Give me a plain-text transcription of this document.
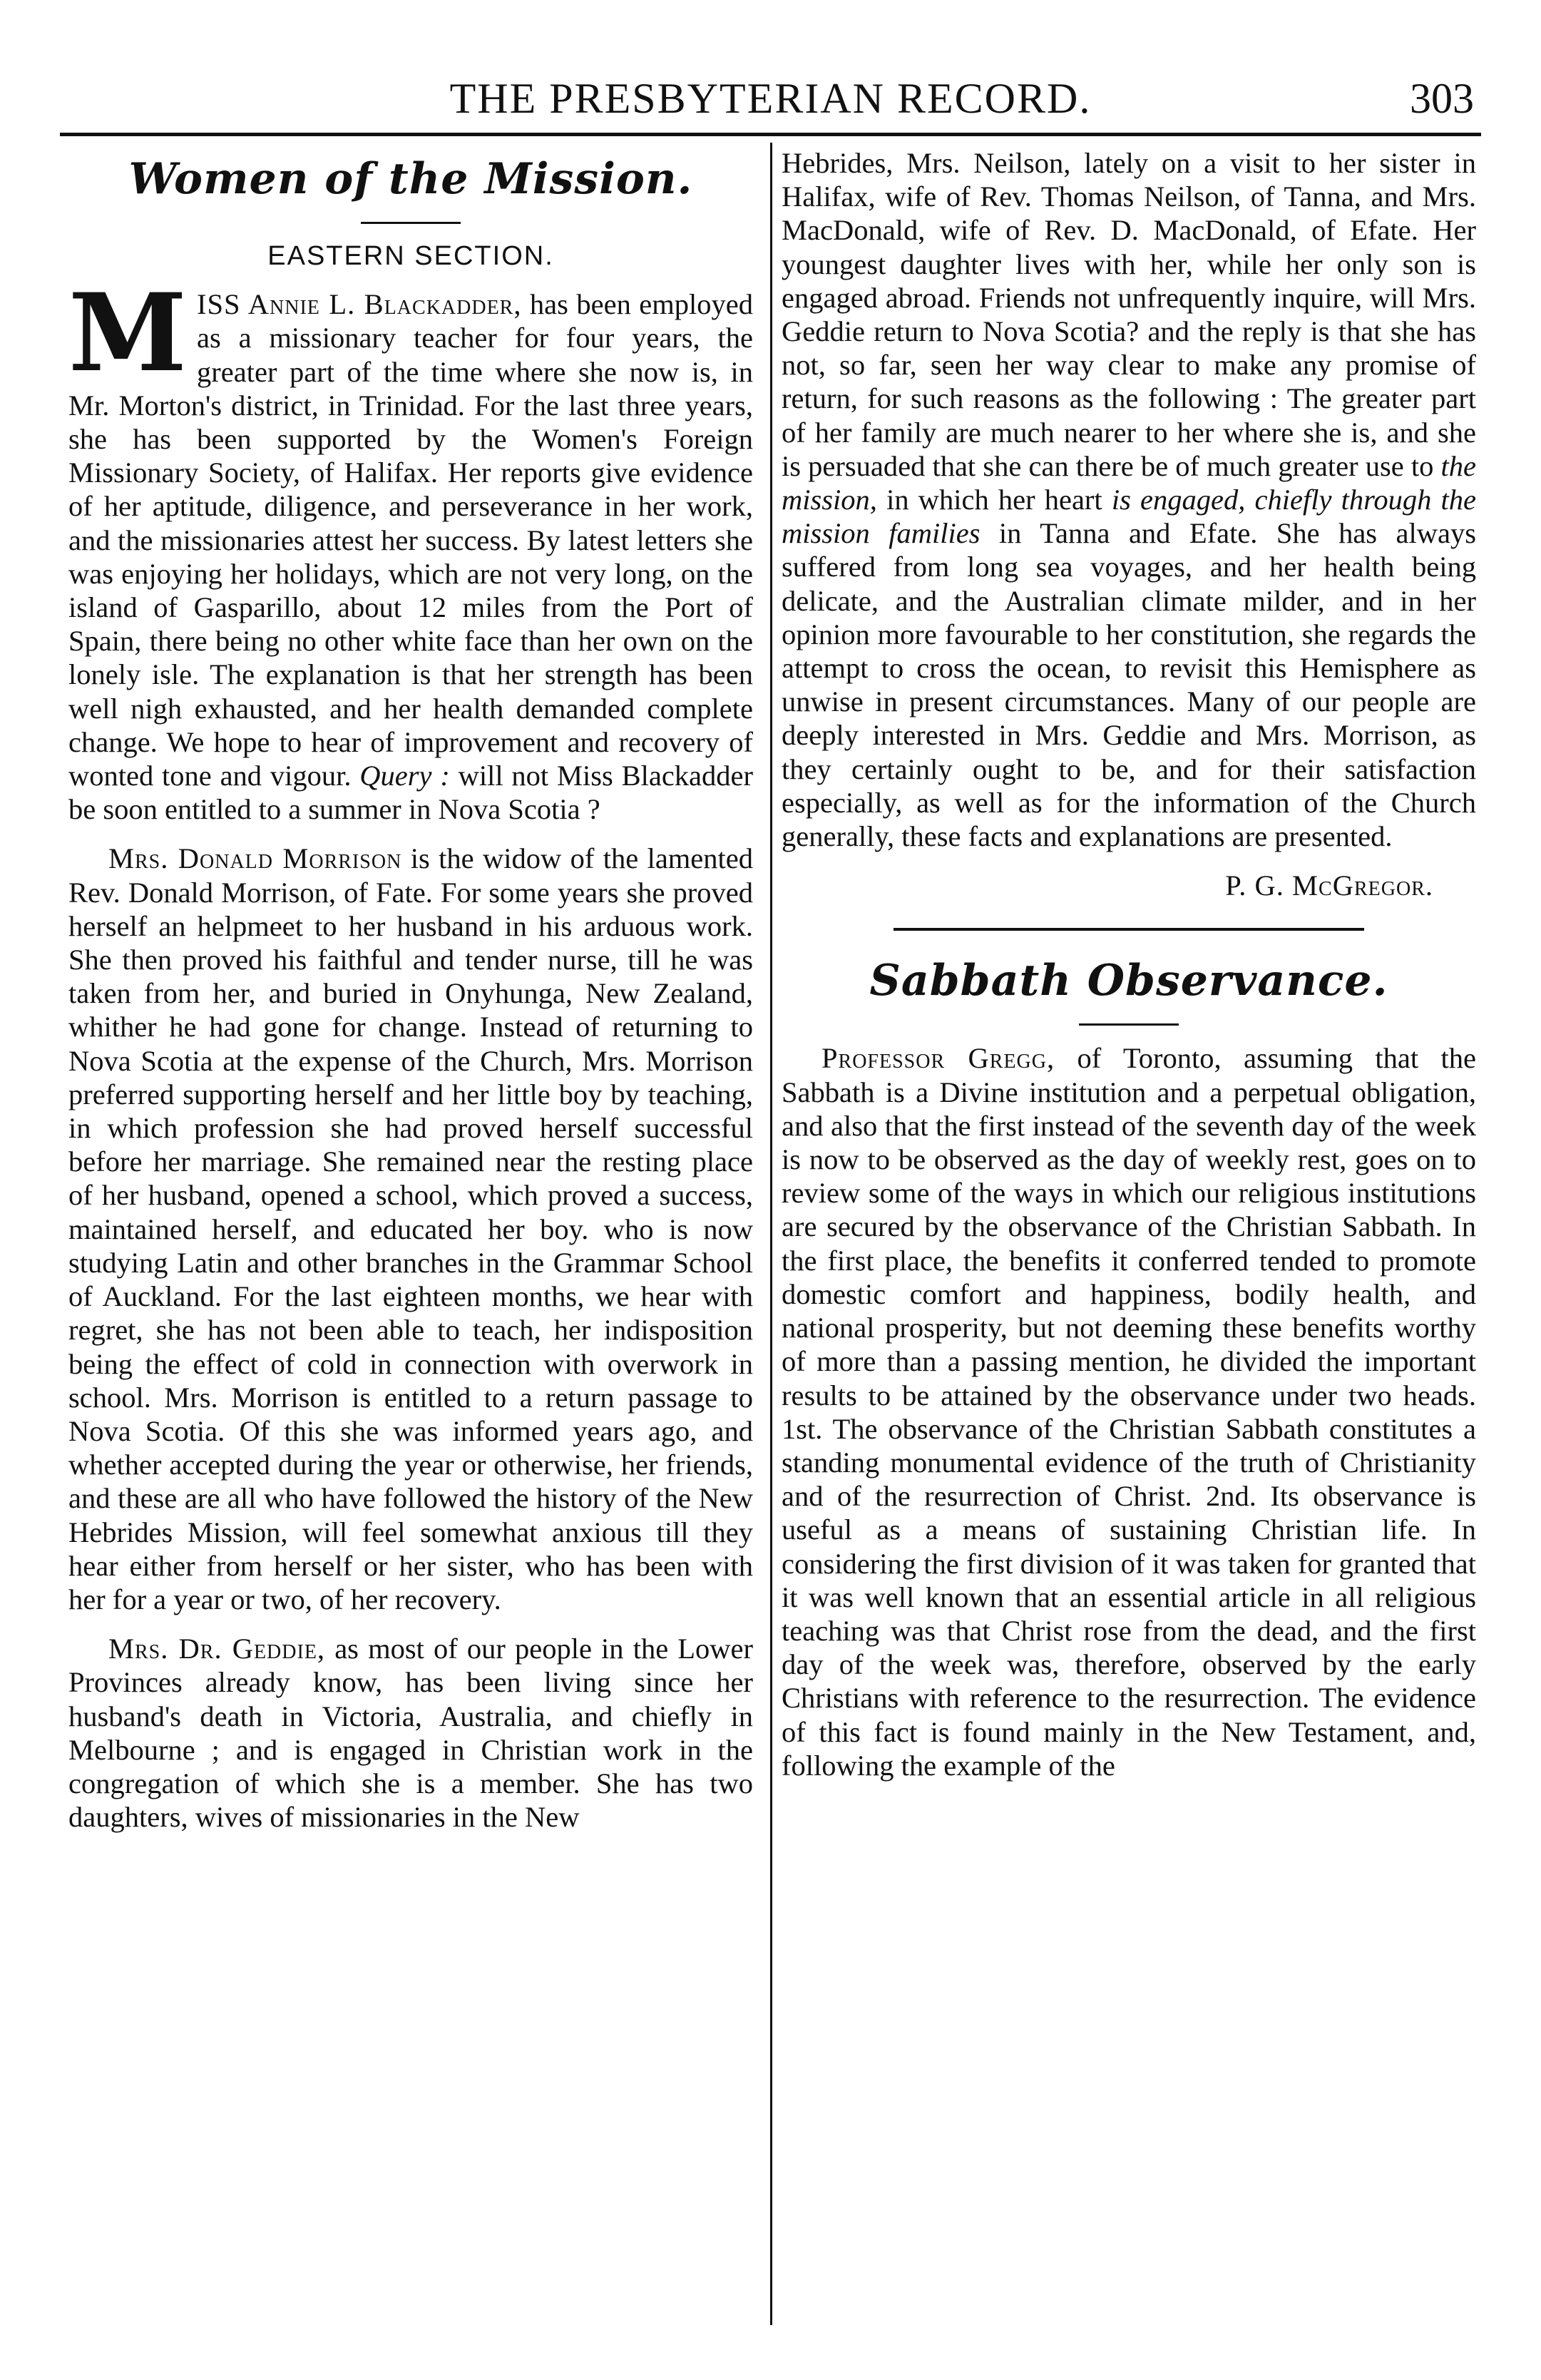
THE PRESBYTERIAN RECORD.	303
Women of the Mission.
EASTERN SECTION.

MISS Annie L. Blackadder, has been employed as a missionary teacher for four years, the greater part of the time where she now is, in Mr. Morton's district, in Trinidad. For the last three years, she has been supported by the Women's Foreign Missionary Society, of Halifax. Her reports give evidence of her aptitude, diligence, and perseverance in her work, and the missionaries attest her success. By latest letters she was enjoying her holidays, which are not very long, on the island of Gasparillo, about 12 miles from the Port of Spain, there being no other white face than her own on the lonely isle. The explanation is that her strength has been well nigh exhausted, and her health demanded complete change. We hope to hear of improvement and recovery of wonted tone and vigour. Query : will not Miss Blackadder be soon entitled to a summer in Nova Scotia ?

Mrs. Donald Morrison is the widow of the lamented Rev. Donald Morrison, of Fate. For some years she proved herself an helpmeet to her husband in his arduous work. She then proved his faithful and tender nurse, till he was taken from her, and buried in Onyhunga, New Zealand, whither he had gone for change. Instead of returning to Nova Scotia at the expense of the Church, Mrs. Morrison preferred supporting herself and her little boy by teaching, in which profession she had proved herself successful before her marriage. She remained near the resting place of her husband, opened a school, which proved a success, maintained herself, and educated her boy. who is now studying Latin and other branches in the Grammar School of Auckland. For the last eighteen months, we hear with regret, she has not been able to teach, her indisposition being the effect of cold in connection with overwork in school. Mrs. Morrison is entitled to a return passage to Nova Scotia. Of this she was informed years ago, and whether accepted during the year or otherwise, her friends, and these are all who have followed the history of the New Hebrides Mission, will feel somewhat anxious till they hear either from herself or her sister, who has been with her for a year or two, of her recovery.

Mrs. Dr. Geddie, as most of our people in the Lower Provinces already know, has been living since her husband's death in Victoria, Australia, and chiefly in Melbourne ; and is engaged in Christian work in the congregation of which she is a member. She has two daughters, wives of missionaries in the New

Hebrides, Mrs. Neilson, lately on a visit to her sister in Halifax, wife of Rev. Thomas Neilson, of Tanna, and Mrs. MacDonald, wife of Rev. D. MacDonald, of Efate. Her youngest daughter lives with her, while her only son is engaged abroad. Friends not unfrequently inquire, will Mrs. Geddie return to Nova Scotia? and the reply is that she has not, so far, seen her way clear to make any promise of return, for such reasons as the following : The greater part of her family are much nearer to her where she is, and she is persuaded that she can there be of much greater use to the mission, in which her heart is engaged, chiefly through the mission families in Tanna and Efate. She has always suffered from long sea voyages, and her health being delicate, and the Australian climate milder, and in her opinion more favourable to her constitution, she regards the attempt to cross the ocean, to revisit this Hemisphere as unwise in present circumstances. Many of our people are deeply interested in Mrs. Geddie and Mrs. Morrison, as they certainly ought to be, and for their satisfaction especially, as well as for the information of the Church generally, these facts and explanations are presented.

P. G. McGregor.
Sabbath Observance.

Professor Gregg, of Toronto, assuming that the Sabbath is a Divine institution and a perpetual obligation, and also that the first instead of the seventh day of the week is now to be observed as the day of weekly rest, goes on to review some of the ways in which our religious institutions are secured by the observance of the Christian Sabbath. In the first place, the benefits it conferred tended to promote domestic comfort and happiness, bodily health, and national prosperity, but not deeming these benefits worthy of more than a passing mention, he divided the important results to be attained by the observance under two heads. 1st. The observance of the Christian Sabbath constitutes a standing monumental evidence of the truth of Christianity and of the resurrection of Christ. 2nd. Its observance is useful as a means of sustaining Christian life. In considering the first division of it was taken for granted that it was well known that an essential article in all religious teaching was that Christ rose from the dead, and the first day of the week was, therefore, observed by the early Christians with reference to the resurrection. The evidence of this fact is found mainly in the New Testament, and, following the example of the
